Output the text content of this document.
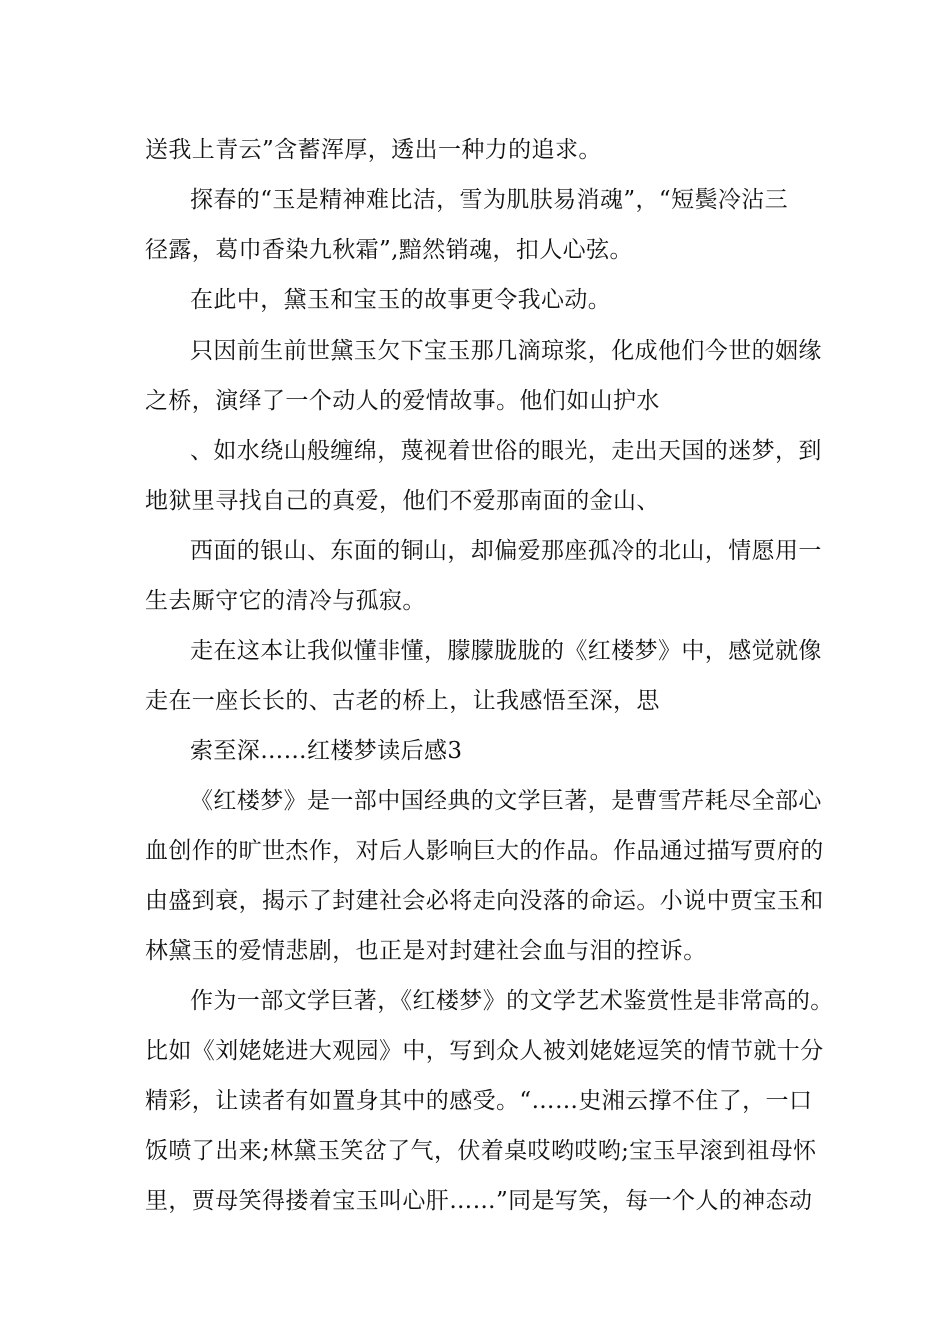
送我上青云”含蓄浑厚，透出一种力的追求。
探春的“玉是精神难比洁，雪为肌肤易消魂”，“短鬓冷沾三
径露，葛巾香染九秋霜”,黯然销魂，扣人心弦。
在此中，黛玉和宝玉的故事更令我心动。
只因前生前世黛玉欠下宝玉那几滴琼浆，化成他们今世的姻缘
之桥，演绎了一个动人的爱情故事。他们如山护水
、如水绕山般缠绵，蔑视着世俗的眼光，走出天国的迷梦，到
地狱里寻找自己的真爱，他们不爱那南面的金山、
西面的银山、东面的铜山，却偏爱那座孤冷的北山，情愿用一
生去厮守它的清冷与孤寂。
走在这本让我似懂非懂，朦朦胧胧的《红楼梦》中，感觉就像
走在一座长长的、古老的桥上，让我感悟至深，思
索至深……红楼梦读后感3
《红楼梦》是一部中国经典的文学巨著，是曹雪芹耗尽全部心
血创作的旷世杰作，对后人影响巨大的作品。作品通过描写贾府的
由盛到衰，揭示了封建社会必将走向没落的命运。小说中贾宝玉和
林黛玉的爱情悲剧，也正是对封建社会血与泪的控诉。
作为一部文学巨著，《红楼梦》的文学艺术鉴赏性是非常高的。
比如《刘姥姥进大观园》中，写到众人被刘姥姥逗笑的情节就十分
精彩，让读者有如置身其中的感受。“……史湘云撑不住了，一口
饭喷了出来;林黛玉笑岔了气，伏着桌哎哟哎哟;宝玉早滚到祖母怀
里，贾母笑得搂着宝玉叫心肝……”同是写笑，每一个人的神态动
